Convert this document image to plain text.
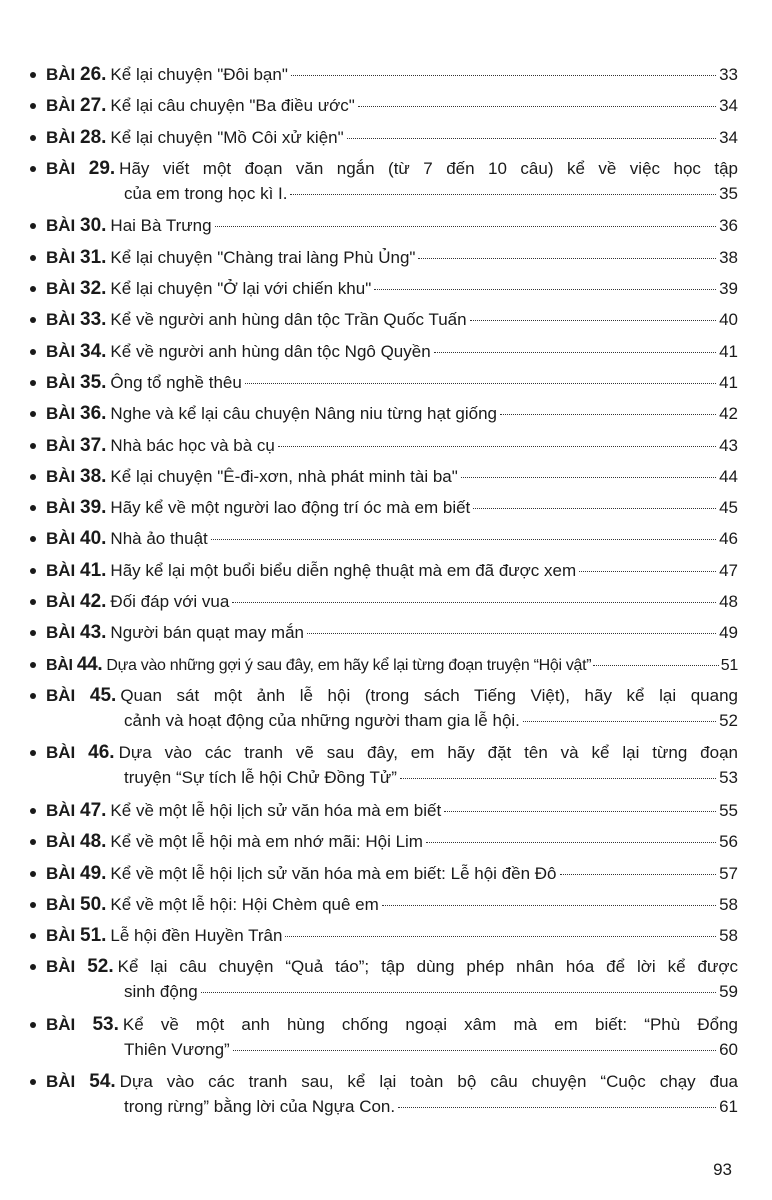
BÀI 26. Kể lại chuyện "Đôi bạn"	33
BÀI 27. Kể lại câu chuyện "Ba điều ước"	34
BÀI 28. Kể lại chuyện "Mồ Côi xử kiện"	34
BÀI 29. Hãy viết một đoạn văn ngắn (từ 7 đến 10 câu) kể về việc học tập
của em trong học kì I.	35
BÀI 30. Hai Bà Trưng	36
BÀI 31. Kể lại chuyện "Chàng trai làng Phù Ủng"	38
BÀI 32. Kể lại chuyện "Ở lại với chiến khu"	39
BÀI 33. Kể về người anh hùng dân tộc Trần Quốc Tuấn	40
BÀI 34. Kể về người anh hùng dân tộc Ngô Quyền	41
BÀI 35. Ông tổ nghề thêu	41
BÀI 36. Nghe và kể lại câu chuyện Nâng niu từng hạt giống	42
BÀI 37. Nhà bác học và bà cụ	43
BÀI 38. Kể lại chuyện "Ê-đi-xơn, nhà phát minh tài ba"	44
BÀI 39. Hãy kể về một người lao động trí óc mà em biết	45
BÀI 40. Nhà ảo thuật	46
BÀI 41. Hãy kể lại một buổi biểu diễn nghệ thuật mà em đã được xem	47
BÀI 42. Đối đáp với vua	48
BÀI 43. Người bán quạt may mắn	49
BÀI 44. Dựa vào những gợi ý sau đây, em hãy kể lại từng đoạn truyện “Hội vật”	51
BÀI 45. Quan sát một ảnh lễ hội (trong sách Tiếng Việt), hãy kể lại quang
cảnh và hoạt động của những người tham gia lễ hội.	52
BÀI 46. Dựa vào các tranh vẽ sau đây, em hãy đặt tên và kể lại từng đoạn
truyện “Sự tích lễ hội Chử Đồng Tử”	53
BÀI 47. Kể về một lễ hội lịch sử văn hóa mà em biết	55
BÀI 48. Kể về một lễ hội mà em nhớ mãi: Hội Lim	56
BÀI 49. Kể về một lễ hội lịch sử văn hóa mà em biết: Lễ hội đền Đô	57
BÀI 50. Kể về một lễ hội: Hội Chèm quê em	58
BÀI 51. Lễ hội đền Huyền Trân	58
BÀI 52. Kể lại câu chuyện “Quả táo”; tập dùng phép nhân hóa để lời kể được
sinh động	59
BÀI 53. Kể về một anh hùng chống ngoại xâm mà em biết: “Phù Đổng
Thiên Vương”	60
BÀI 54. Dựa vào các tranh sau, kể lại toàn bộ câu chuyện “Cuộc chạy đua
trong rừng” bằng lời của Ngựa Con.	61
93
